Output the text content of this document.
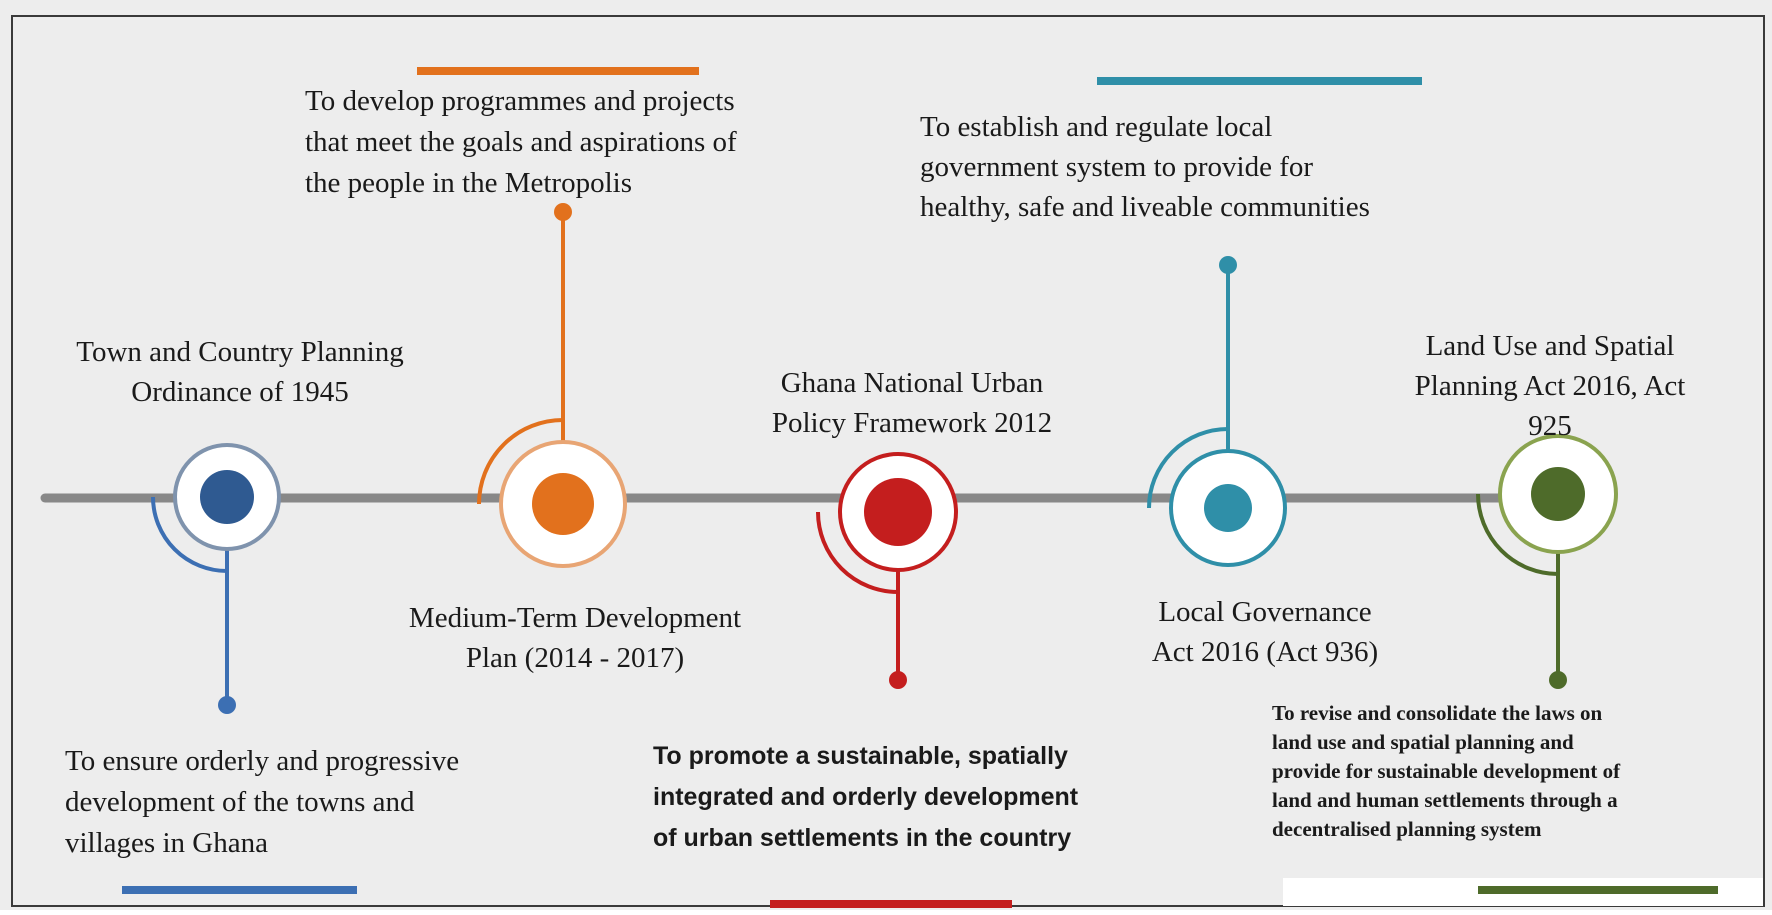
Town and Country Planning Ordinance of 1945
To ensure orderly and progressive development of the towns and villages in Ghana
Medium-Term Development Plan (2014 - 2017)
To develop programmes and projects that meet the goals and aspirations of the people in the Metropolis
Ghana National Urban Policy Framework 2012
To promote a sustainable, spatially integrated and orderly development of urban settlements in the country
Local Governance Act 2016 (Act 936)
To establish and regulate local government system to provide for healthy, safe and liveable communities
Land Use and Spatial Planning Act 2016, Act 925
To revise and consolidate the laws on land use and spatial planning and provide for sustainable development of land and human settlements through a decentralised planning system
